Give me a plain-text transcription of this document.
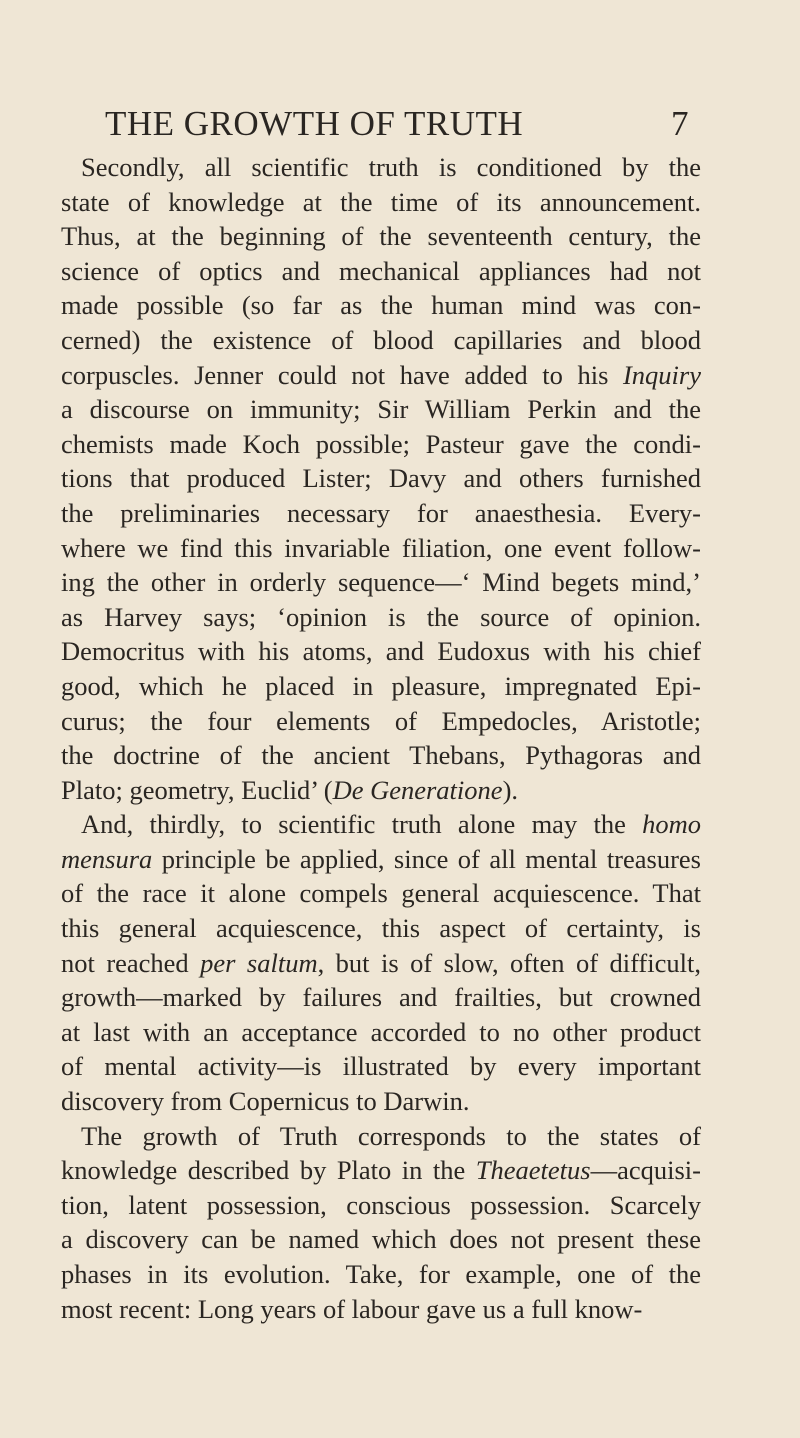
THE GROWTH OF TRUTH	7
Secondly, all scientific truth is conditioned by the
state of knowledge at the time of its announcement.
Thus, at the beginning of the seventeenth century, the
science of optics and mechanical appliances had not
made possible (so far as the human mind was con-
cerned) the existence of blood capillaries and blood
corpuscles. Jenner could not have added to his Inquiry
a discourse on immunity; Sir William Perkin and the
chemists made Koch possible; Pasteur gave the condi-
tions that produced Lister; Davy and others furnished
the preliminaries necessary for anaesthesia. Every-
where we find this invariable filiation, one event follow-
ing the other in orderly sequence—‘ Mind begets mind,’
as Harvey says; ‘opinion is the source of opinion.
Democritus with his atoms, and Eudoxus with his chief
good, which he placed in pleasure, impregnated Epi-
curus; the four elements of Empedocles, Aristotle;
the doctrine of the ancient Thebans, Pythagoras and
Plato; geometry, Euclid’ (De Generatione).
And, thirdly, to scientific truth alone may the homo
mensura principle be applied, since of all mental treasures
of the race it alone compels general acquiescence. That
this general acquiescence, this aspect of certainty, is
not reached per saltum, but is of slow, often of difficult,
growth—marked by failures and frailties, but crowned
at last with an acceptance accorded to no other product
of mental activity—is illustrated by every important
discovery from Copernicus to Darwin.
The growth of Truth corresponds to the states of
knowledge described by Plato in the Theaetetus—acquisi-
tion, latent possession, conscious possession. Scarcely
a discovery can be named which does not present these
phases in its evolution. Take, for example, one of the
most recent: Long years of labour gave us a full know-
